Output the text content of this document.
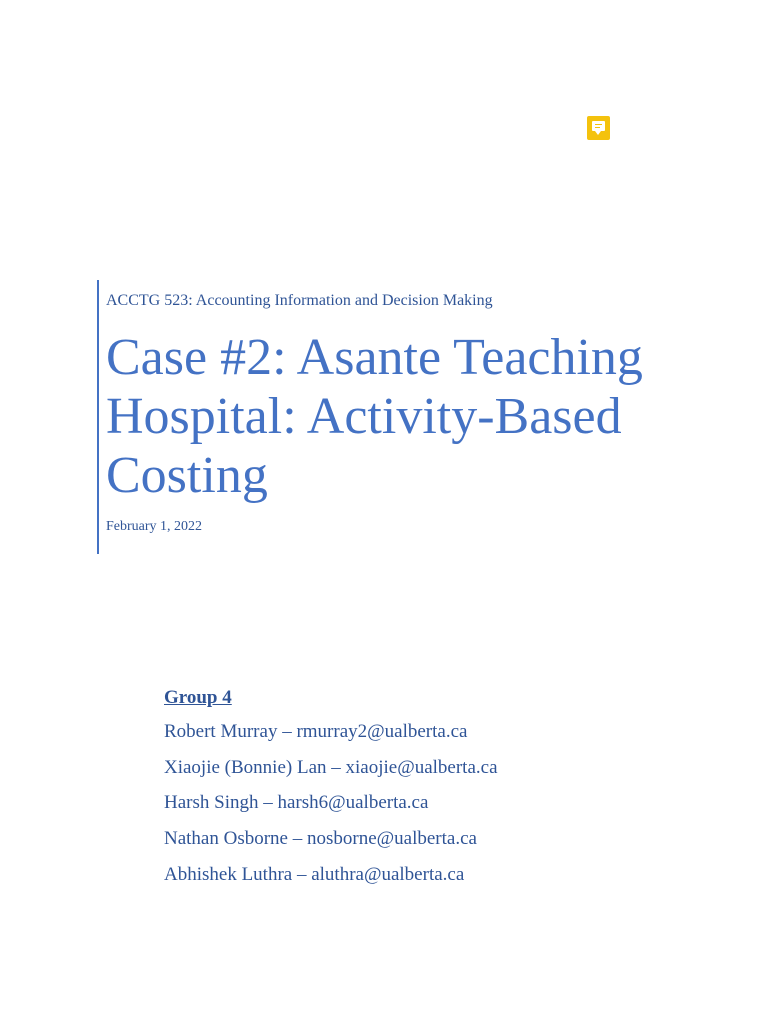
ACCTG 523: Accounting Information and Decision Making
Case #2: Asante Teaching Hospital: Activity-Based Costing
February 1, 2022
Group 4
Robert Murray – rmurray2@ualberta.ca
Xiaojie (Bonnie) Lan – xiaojie@ualberta.ca
Harsh Singh – harsh6@ualberta.ca
Nathan Osborne – nosborne@ualberta.ca
Abhishek Luthra – aluthra@ualberta.ca
